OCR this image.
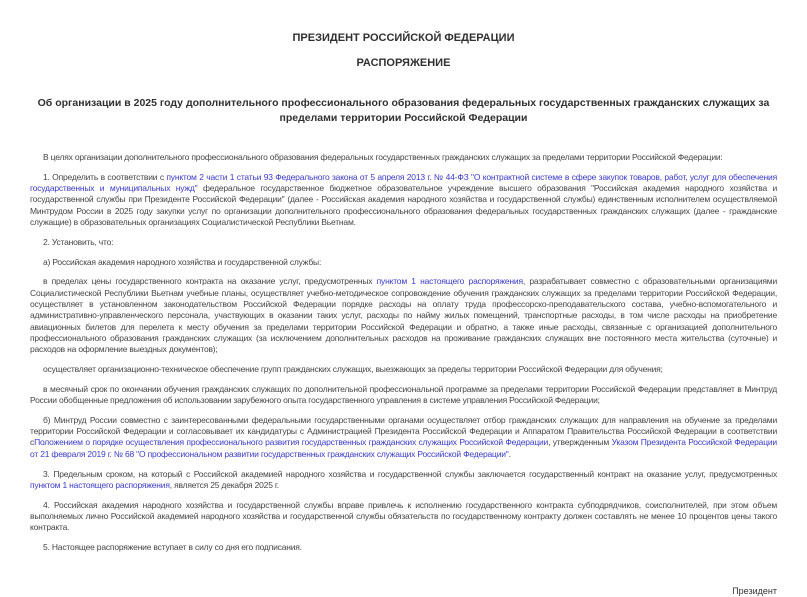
ПРЕЗИДЕНТ РОССИЙСКОЙ ФЕДЕРАЦИИ
РАСПОРЯЖЕНИЕ
Об организации в 2025 году дополнительного профессионального образования федеральных государственных гражданских служащих за пределами территории Российской Федерации

В целях организации дополнительного профессионального образования федеральных государственных гражданских служащих за пределами территории Российской Федерации:

1. Определить в соответствии с пунктом 2 части 1 статьи 93 Федерального закона от 5 апреля 2013 г. № 44-ФЗ "О контрактной системе в сфере закупок товаров, работ, услуг для обеспечения государственных и муниципальных нужд" федеральное государственное бюджетное образовательное учреждение высшего образования "Российская академия народного хозяйства и государственной службы при Президенте Российской Федерации" (далее - Российская академия народного хозяйства и государственной службы) единственным исполнителем осуществляемой Минтрудом России в 2025 году закупки услуг по организации дополнительного профессионального образования федеральных государственных гражданских служащих (далее - гражданские служащие) в образовательных организациях Социалистической Республики Вьетнам.

2. Установить, что:

а) Российская академия народного хозяйства и государственной службы:

в пределах цены государственного контракта на оказание услуг, предусмотренных пунктом 1 настоящего распоряжения, разрабатывает совместно с образовательными организациями Социалистической Республики Вьетнам учебные планы, осуществляет учебно-методическое сопровождение обучения гражданских служащих за пределами территории Российской Федерации, осуществляет в установленном законодательством Российской Федерации порядке расходы на оплату труда профессорско-преподавательского состава, учебно-вспомогательного и административно-управленческого персонала, участвующих в оказании таких услуг, расходы по найму жилых помещений, транспортные расходы, в том числе расходы на приобретение авиационных билетов для перелета к месту обучения за пределами территории Российской Федерации и обратно, а также иные расходы, связанные с организацией дополнительного профессионального образования гражданских служащих (за исключением дополнительных расходов на проживание гражданских служащих вне постоянного места жительства (суточные) и расходов на оформление выездных документов);

осуществляет организационно-техническое обеспечение групп гражданских служащих, выезжающих за пределы территории Российской Федерации для обучения;

в месячный срок по окончании обучения гражданских служащих по дополнительной профессиональной программе за пределами территории Российской Федерации представляет в Минтруд России обобщенные предложения об использовании зарубежного опыта государственного управления в системе управления Российской Федерации;

б) Минтруд России совместно с заинтересованными федеральными государственными органами осуществляет отбор гражданских служащих для направления на обучение за пределами территории Российской Федерации и согласовывает их кандидатуры с Администрацией Президента Российской Федерации и Аппаратом Правительства Российской Федерации в соответствии сПоложением о порядке осуществления профессионального развития государственных гражданских служащих Российской Федерации, утвержденным Указом Президента Российской Федерации от 21 февраля 2019 г. № 68 "О профессиональном развитии государственных гражданских служащих Российской Федерации".

3. Предельным сроком, на который с Российской академией народного хозяйства и государственной службы заключается государственный контракт на оказание услуг, предусмотренных пунктом 1 настоящего распоряжения, является 25 декабря 2025 г.

4. Российская академия народного хозяйства и государственной службы вправе привлечь к исполнению государственного контракта субподрядчиков, соисполнителей, при этом объем выполняемых лично Российской академией народного хозяйства и государственной службы обязательств по государственному контракту должен составлять не менее 10 процентов цены такого контракта.

5. Настоящее распоряжение вступает в силу со дня его подписания.

Президент
